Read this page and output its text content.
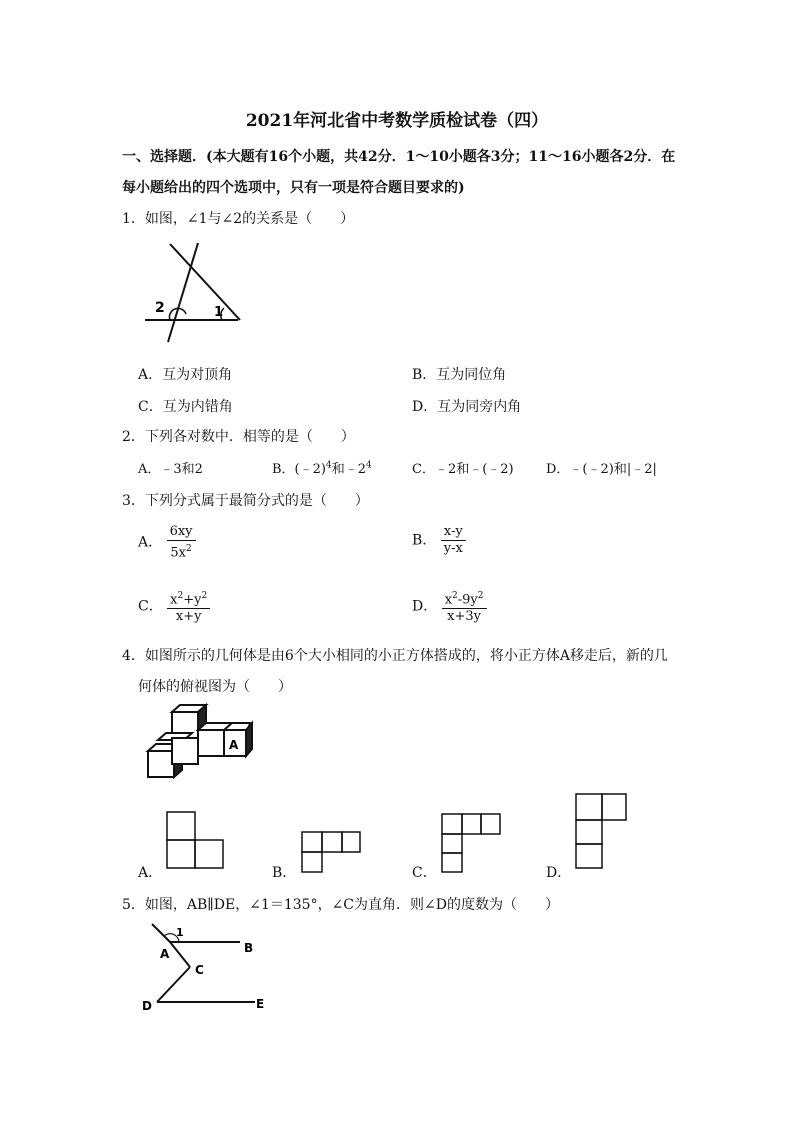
2021年河北省中考数学质检试卷（四）
一、选择题．(本大题有16个小题，共42分．1～10小题各3分；11～16小题各2分．在
每小题给出的四个选项中，只有一项是符合题目要求的)
1．如图，∠1与∠2的关系是（　　）
2	1
A．互为对顶角	B．互为同位角
C．互为内错角	D．互为同旁内角
2．下列各对数中．相等的是（　　）
A．﹣3和2	B．(﹣2)$^4$和$﹣2^4$	C．﹣2和﹣(﹣2) D．﹣(﹣2)和|﹣2|
3．下列分式属于最简分式的是（　　）
A． $\frac{6xy}{5x^2}$	B． $\frac{x-y}{y-x}$
C． $\frac{x^2+y^2}{x+y}$	D． $\frac{x^2-9y^2}{x+3y}$
4．如图所示的几何体是由6个大小相同的小正方体搭成的，将小正方体A移走后，新的几
何体的俯视图为（　　）
A
A．	B．	C．	D．
5．如图，AB∥DE，∠1＝135°，∠C为直角．则∠D的度数为（　　）
1
A	B
C
D	E
